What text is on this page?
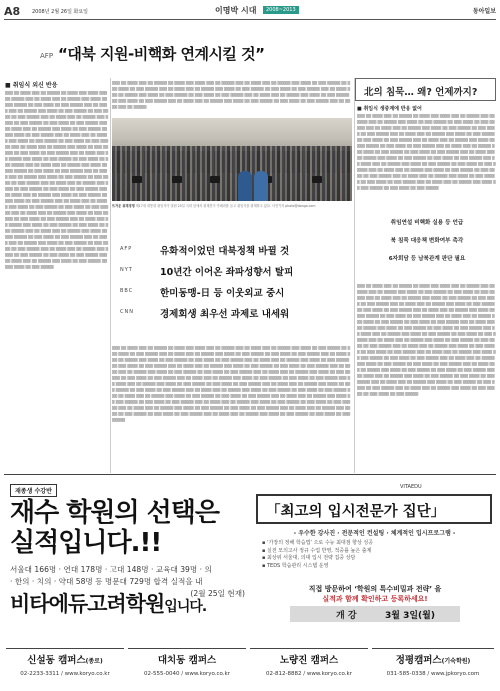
A8 2008년 2월 26일 화요일	이명박 시대	2008~2013	동아일보
AFP “대북 지원-비핵화 연계시킬 것”
■ 취임식 외신 반응
▒▒▒ ▒▒ ▒▒▒▒ ▒▒▒ ▒▒ ▒▒▒▒▒ ▒▒ ▒▒▒▒ ▒▒▒ ▒▒▒▒ ▒▒▒ ▒▒ ▒▒▒▒▒ ▒▒▒ ▒▒ ▒▒▒▒ ▒▒▒ ▒▒ ▒▒▒▒▒ ▒▒▒ ▒▒▒▒ ▒▒ ▒▒▒ ▒▒▒▒▒ ▒▒ ▒▒▒ ▒▒▒▒ ▒▒ ▒▒▒ ▒▒▒▒▒ ▒▒▒ ▒▒ ▒▒▒▒ ▒▒▒ ▒▒ ▒▒▒▒▒ ▒▒▒ ▒▒▒▒ ▒▒ ▒▒▒ ▒▒▒▒▒ ▒▒ ▒▒▒ ▒▒▒▒ ▒▒ ▒▒▒ ▒▒▒▒▒ ▒▒▒ ▒▒ ▒▒▒▒ ▒▒▒ ▒▒ ▒▒▒▒▒ ▒▒▒ ▒▒▒▒ ▒▒ ▒▒▒ ▒▒▒▒▒ ▒▒ ▒▒▒ ▒▒▒▒ ▒▒ ▒▒▒ ▒▒▒▒▒ ▒▒▒ ▒▒ ▒▒▒▒ ▒▒▒ ▒▒ ▒▒▒▒▒ ▒▒▒ ▒▒▒▒ ▒▒ ▒▒▒ ▒▒▒▒▒ ▒▒ ▒▒▒ ▒▒▒▒ ▒▒ ▒▒▒ ▒▒▒▒▒ ▒▒▒ ▒▒ ▒▒▒▒ ▒▒▒ ▒▒ ▒▒▒▒▒ ▒▒▒ ▒▒▒▒ ▒▒ ▒▒▒ ▒▒▒▒▒ ▒▒ ▒▒▒ ▒▒▒▒ ▒▒ ▒▒▒ ▒▒▒▒▒ ▒▒▒ ▒▒ ▒▒▒▒ ▒▒▒ ▒▒ ▒▒▒▒▒ ▒▒▒ ▒▒▒▒ ▒▒ ▒▒▒ ▒▒▒▒▒ ▒▒ ▒▒▒ ▒▒▒▒ ▒▒ ▒▒▒ ▒▒▒▒▒ ▒▒▒ ▒▒ ▒▒▒▒ ▒▒▒ ▒▒ ▒▒▒▒▒ ▒▒▒ ▒▒▒▒ ▒▒ ▒▒▒ ▒▒▒▒▒ ▒▒ ▒▒▒ ▒▒▒▒ ▒▒ ▒▒▒ ▒▒▒▒▒ ▒▒▒ ▒▒ ▒▒▒▒ ▒▒▒ ▒▒ ▒▒▒▒▒ ▒▒▒ ▒▒▒▒ ▒▒ ▒▒▒ ▒▒▒▒▒ ▒▒ ▒▒▒ ▒▒▒▒ ▒▒ ▒▒▒ ▒▒▒▒▒ ▒▒▒ ▒▒ ▒▒▒▒ ▒▒▒ ▒▒ ▒▒▒▒▒ ▒▒▒ ▒▒▒▒ ▒▒ ▒▒▒ ▒▒▒▒▒ ▒▒ ▒▒▒ ▒▒▒▒ ▒▒ ▒▒▒ ▒▒▒▒▒ ▒▒▒ ▒▒ ▒▒▒▒ ▒▒▒ ▒▒ ▒▒▒▒▒ ▒▒▒ ▒▒▒▒ ▒▒ ▒▒▒ ▒▒▒▒▒ ▒▒ ▒▒▒ ▒▒▒▒ ▒▒ ▒▒▒ ▒▒▒▒▒ ▒▒▒ ▒▒ ▒▒▒▒ ▒▒▒ ▒▒ ▒▒▒▒▒ ▒▒▒ ▒▒▒▒ ▒▒ ▒▒▒ ▒▒▒▒▒ ▒▒ ▒▒▒ ▒▒▒▒ ▒▒ ▒▒▒ ▒▒▒▒▒ ▒▒▒ ▒▒ ▒▒▒▒ ▒▒▒ ▒▒ ▒▒▒▒▒ ▒▒▒ ▒▒▒▒ ▒▒ ▒▒▒ ▒▒▒▒▒ ▒▒ ▒▒▒ ▒▒▒▒ ▒▒ ▒▒▒ ▒▒▒▒▒ ▒▒▒ ▒▒ ▒▒▒▒ ▒▒▒ ▒▒ ▒▒▒▒▒ ▒▒▒ ▒▒▒▒ ▒▒ ▒▒▒ ▒▒▒▒▒ ▒▒ ▒▒▒ ▒▒▒▒ ▒▒ ▒▒▒ ▒▒▒▒▒ ▒▒▒ ▒▒ ▒▒▒▒ ▒▒▒ ▒▒ ▒▒▒▒▒ ▒▒▒ ▒▒▒▒ ▒▒ ▒▒▒ ▒▒▒▒▒ ▒▒ ▒▒▒ ▒▒▒▒ ▒▒ ▒▒▒ ▒▒▒▒▒ ▒▒▒ ▒▒ ▒▒▒▒ ▒▒▒ ▒▒ ▒▒▒▒▒ ▒▒▒ ▒▒▒▒ ▒▒ ▒▒▒ ▒▒▒▒▒ ▒▒ ▒▒▒ ▒▒▒▒ ▒▒ ▒▒▒ ▒▒▒▒▒ ▒▒▒ ▒▒ ▒▒▒▒ ▒▒▒ ▒▒ ▒▒▒▒▒ ▒▒▒ ▒▒▒▒ ▒▒ ▒▒▒ ▒▒▒▒▒ ▒▒ ▒▒▒ ▒▒▒▒ ▒▒ ▒▒▒ ▒▒▒▒▒ ▒▒▒ ▒▒ ▒▒▒▒ ▒▒▒ ▒▒ ▒▒▒▒▒ ▒▒▒ ▒▒▒▒ ▒▒ ▒▒▒ ▒▒▒▒▒ ▒▒ ▒▒▒ ▒▒▒▒ ▒▒ ▒▒▒ ▒▒▒▒▒ ▒▒▒ ▒▒ ▒▒▒▒ ▒▒▒ ▒▒ ▒▒▒▒▒ ▒▒▒ ▒▒▒▒ ▒▒ ▒▒▒ ▒▒▒▒▒ ▒▒ ▒▒▒ ▒▒▒▒ ▒▒ ▒▒▒ ▒▒▒▒▒
▒▒▒ ▒▒ ▒▒▒▒ ▒▒▒ ▒▒ ▒▒▒▒▒ ▒▒ ▒▒▒▒ ▒▒▒ ▒▒▒▒ ▒▒▒ ▒▒ ▒▒▒▒▒ ▒▒▒ ▒▒ ▒▒▒▒ ▒▒▒ ▒▒ ▒▒▒▒▒ ▒▒▒ ▒▒▒▒ ▒▒ ▒▒▒ ▒▒▒▒▒ ▒▒ ▒▒▒ ▒▒▒▒ ▒▒ ▒▒▒ ▒▒▒▒▒ ▒▒▒ ▒▒ ▒▒▒▒ ▒▒▒ ▒▒ ▒▒▒▒▒ ▒▒▒ ▒▒▒▒ ▒▒ ▒▒▒ ▒▒▒▒▒ ▒▒ ▒▒▒ ▒▒▒▒ ▒▒ ▒▒▒ ▒▒▒▒▒ ▒▒▒ ▒▒ ▒▒▒▒ ▒▒▒ ▒▒ ▒▒▒▒▒ ▒▒▒ ▒▒▒▒ ▒▒ ▒▒▒ ▒▒▒▒▒ ▒▒ ▒▒▒ ▒▒▒▒ ▒▒ ▒▒▒ ▒▒▒▒▒ ▒▒▒ ▒▒ ▒▒▒▒ ▒▒▒ ▒▒ ▒▒▒▒▒ ▒▒▒ ▒▒▒▒ ▒▒ ▒▒▒ ▒▒▒▒▒ ▒▒ ▒▒▒ ▒▒▒▒ ▒▒ ▒▒▒ ▒▒▒▒▒ ▒▒▒ ▒▒ ▒▒▒▒ ▒▒▒ ▒▒ ▒▒▒▒▒ ▒▒▒ ▒▒▒▒ ▒▒ ▒▒▒ ▒▒▒▒▒ ▒▒ ▒▒▒ ▒▒▒▒ ▒▒ ▒▒▒ ▒▒▒▒▒ ▒▒▒ ▒▒ ▒▒▒▒ ▒▒▒ ▒▒ ▒▒▒▒▒
뜨거운 취재경쟁 제17대 대통령 취임식이 열린 25일 국회 앞에서 취재진이 카메라를 들고 취임식을 취재하고 있다. 사진기자 photo@donga.com
AFP	유화적이었던 대북정책 바뀔 것
NYT	10년간 이어온 좌파성향서 탈피
BBC	한미동맹-日 등 이웃외교 중시
CNN	경제회생 최우선 과제로 내세워
▒▒▒ ▒▒ ▒▒▒▒ ▒▒▒ ▒▒ ▒▒▒▒▒ ▒▒ ▒▒▒▒ ▒▒▒ ▒▒▒▒ ▒▒▒ ▒▒ ▒▒▒▒▒ ▒▒▒ ▒▒ ▒▒▒▒ ▒▒▒ ▒▒ ▒▒▒▒▒ ▒▒▒ ▒▒▒▒ ▒▒ ▒▒▒ ▒▒▒▒▒ ▒▒ ▒▒▒ ▒▒▒▒ ▒▒ ▒▒▒ ▒▒▒▒▒ ▒▒▒ ▒▒ ▒▒▒▒ ▒▒▒ ▒▒ ▒▒▒▒▒ ▒▒▒ ▒▒▒▒ ▒▒ ▒▒▒ ▒▒▒▒▒ ▒▒ ▒▒▒ ▒▒▒▒ ▒▒ ▒▒▒ ▒▒▒▒▒ ▒▒▒ ▒▒ ▒▒▒▒ ▒▒▒ ▒▒ ▒▒▒▒▒ ▒▒▒ ▒▒▒▒ ▒▒ ▒▒▒ ▒▒▒▒▒ ▒▒ ▒▒▒ ▒▒▒▒ ▒▒ ▒▒▒ ▒▒▒▒▒ ▒▒▒ ▒▒ ▒▒▒▒ ▒▒▒ ▒▒ ▒▒▒▒▒ ▒▒▒ ▒▒▒▒ ▒▒ ▒▒▒ ▒▒▒▒▒ ▒▒ ▒▒▒ ▒▒▒▒ ▒▒ ▒▒▒ ▒▒▒▒▒ ▒▒▒ ▒▒ ▒▒▒▒ ▒▒▒ ▒▒ ▒▒▒▒▒ ▒▒▒ ▒▒▒▒ ▒▒ ▒▒▒ ▒▒▒▒▒ ▒▒ ▒▒▒ ▒▒▒▒ ▒▒ ▒▒▒ ▒▒▒▒▒ ▒▒▒ ▒▒ ▒▒▒▒ ▒▒▒ ▒▒ ▒▒▒▒▒ ▒▒▒ ▒▒▒▒ ▒▒ ▒▒▒ ▒▒▒▒▒ ▒▒ ▒▒▒ ▒▒▒▒ ▒▒ ▒▒▒ ▒▒▒▒▒ ▒▒▒ ▒▒ ▒▒▒▒ ▒▒▒ ▒▒ ▒▒▒▒▒ ▒▒▒ ▒▒▒▒ ▒▒ ▒▒▒ ▒▒▒▒▒ ▒▒ ▒▒▒ ▒▒▒▒ ▒▒ ▒▒▒ ▒▒▒▒▒ ▒▒▒ ▒▒ ▒▒▒▒ ▒▒▒ ▒▒ ▒▒▒▒▒ ▒▒▒ ▒▒▒▒ ▒▒ ▒▒▒ ▒▒▒▒▒ ▒▒ ▒▒▒ ▒▒▒▒ ▒▒ ▒▒▒ ▒▒▒▒▒ ▒▒▒ ▒▒ ▒▒▒▒ ▒▒▒ ▒▒ ▒▒▒▒▒ ▒▒▒ ▒▒▒▒ ▒▒ ▒▒▒ ▒▒▒▒▒ ▒▒ ▒▒▒ ▒▒▒▒ ▒▒ ▒▒▒ ▒▒▒▒▒ ▒▒▒ ▒▒ ▒▒▒▒ ▒▒▒ ▒▒ ▒▒▒▒▒ ▒▒▒ ▒▒▒▒ ▒▒ ▒▒▒ ▒▒▒▒▒ ▒▒ ▒▒▒ ▒▒▒▒ ▒▒ ▒▒▒ ▒▒▒▒▒ ▒▒▒ ▒▒ ▒▒▒▒ ▒▒▒ ▒▒ ▒▒▒▒▒ ▒▒▒ ▒▒▒▒ ▒▒ ▒▒▒ ▒▒▒▒▒ ▒▒ ▒▒▒ ▒▒▒▒ ▒▒ ▒▒▒ ▒▒▒▒▒ ▒▒▒ ▒▒ ▒▒▒▒ ▒▒▒ ▒▒ ▒▒▒▒▒ ▒▒▒ ▒▒▒▒ ▒▒ ▒▒▒ ▒▒▒▒▒ ▒▒ ▒▒▒ ▒▒▒▒ ▒▒ ▒▒▒ ▒▒▒▒▒ ▒▒▒ ▒▒ ▒▒▒▒ ▒▒▒ ▒▒ ▒▒▒▒▒ ▒▒▒ ▒▒▒▒ ▒▒ ▒▒▒ ▒▒▒▒▒ ▒▒ ▒▒▒ ▒▒▒▒ ▒▒ ▒▒▒ ▒▒▒▒▒ ▒▒▒ ▒▒ ▒▒▒▒ ▒▒▒ ▒▒ ▒▒▒▒▒ ▒▒▒ ▒▒▒▒ ▒▒ ▒▒▒ ▒▒▒▒▒ ▒▒ ▒▒▒ ▒▒▒▒ ▒▒ ▒▒▒ ▒▒▒▒▒ ▒▒▒ ▒▒ ▒▒▒▒ ▒▒▒ ▒▒ ▒▒▒▒▒ ▒▒▒ ▒▒▒▒ ▒▒ ▒▒▒ ▒▒▒▒▒ ▒▒ ▒▒▒ ▒▒▒▒ ▒▒ ▒▒▒ ▒▒▒▒▒ ▒▒▒ ▒▒ ▒▒▒▒ ▒▒▒ ▒▒ ▒▒▒▒▒ ▒▒▒ ▒▒▒▒ ▒▒ ▒▒▒ ▒▒▒▒▒ ▒▒ ▒▒▒ ▒▒▒▒ ▒▒ ▒▒▒ ▒▒▒▒▒ ▒▒▒ ▒▒ ▒▒▒▒ ▒▒▒ ▒▒ ▒▒▒▒▒ ▒▒▒ ▒▒▒▒ ▒▒ ▒▒▒ ▒▒▒▒▒ ▒▒ ▒▒▒ ▒▒▒▒ ▒▒ ▒▒▒ ▒▒▒▒▒
北의 침묵… 왜? 언제까지?
■ 취임식 생중계에 반응 없어
▒▒▒ ▒▒ ▒▒▒▒ ▒▒▒ ▒▒ ▒▒▒▒▒ ▒▒ ▒▒▒▒ ▒▒▒ ▒▒▒▒ ▒▒▒ ▒▒ ▒▒▒▒▒ ▒▒▒ ▒▒ ▒▒▒▒ ▒▒▒ ▒▒ ▒▒▒▒▒ ▒▒▒ ▒▒▒▒ ▒▒ ▒▒▒ ▒▒▒▒▒ ▒▒ ▒▒▒ ▒▒▒▒ ▒▒ ▒▒▒ ▒▒▒▒▒ ▒▒▒ ▒▒ ▒▒▒▒ ▒▒▒ ▒▒ ▒▒▒▒▒ ▒▒▒ ▒▒▒▒ ▒▒ ▒▒▒ ▒▒▒▒▒ ▒▒ ▒▒▒ ▒▒▒▒ ▒▒ ▒▒▒ ▒▒▒▒▒ ▒▒▒ ▒▒ ▒▒▒▒ ▒▒▒ ▒▒ ▒▒▒▒▒ ▒▒▒ ▒▒▒▒ ▒▒ ▒▒▒ ▒▒▒▒▒ ▒▒ ▒▒▒ ▒▒▒▒ ▒▒ ▒▒▒ ▒▒▒▒▒ ▒▒▒ ▒▒ ▒▒▒▒ ▒▒▒ ▒▒ ▒▒▒▒▒ ▒▒▒ ▒▒▒▒ ▒▒ ▒▒▒ ▒▒▒▒▒ ▒▒ ▒▒▒ ▒▒▒▒ ▒▒ ▒▒▒ ▒▒▒▒▒ ▒▒▒ ▒▒ ▒▒▒▒ ▒▒▒ ▒▒ ▒▒▒▒▒ ▒▒▒ ▒▒▒▒ ▒▒ ▒▒▒ ▒▒▒▒▒ ▒▒ ▒▒▒ ▒▒▒▒ ▒▒ ▒▒▒ ▒▒▒▒▒ ▒▒▒ ▒▒ ▒▒▒▒ ▒▒▒ ▒▒ ▒▒▒▒▒ ▒▒▒ ▒▒▒▒ ▒▒ ▒▒▒ ▒▒▒▒▒ ▒▒ ▒▒▒ ▒▒▒▒ ▒▒ ▒▒▒ ▒▒▒▒▒ ▒▒▒ ▒▒ ▒▒▒▒ ▒▒▒ ▒▒ ▒▒▒▒▒ ▒▒▒ ▒▒▒▒ ▒▒ ▒▒▒ ▒▒▒▒▒ ▒▒ ▒▒▒ ▒▒▒▒ ▒▒ ▒▒▒ ▒▒▒▒▒ ▒▒▒ ▒▒ ▒▒▒▒ ▒▒▒ ▒▒ ▒▒▒▒▒ ▒▒▒ ▒▒▒▒ ▒▒ ▒▒▒ ▒▒▒▒▒ ▒▒ ▒▒▒ ▒▒▒▒ ▒▒ ▒▒▒ ▒▒▒▒▒ ▒▒▒ ▒▒ ▒▒▒▒ ▒▒▒ ▒▒ ▒▒▒▒▒ ▒▒▒ ▒▒▒▒ ▒▒ ▒▒▒ ▒▒▒▒▒ ▒▒ ▒▒▒ ▒▒▒▒ ▒▒ ▒▒▒ ▒▒▒▒▒ ▒▒▒ ▒▒ ▒▒▒▒ ▒▒▒ ▒▒ ▒▒▒▒▒ ▒▒▒ ▒▒▒▒ ▒▒ ▒▒▒ ▒▒▒▒▒ ▒▒ ▒▒▒ ▒▒▒▒ ▒▒ ▒▒▒ ▒▒▒▒▒
취임연설 비핵화 실용 등 언급
북 침묵 대응책 변화여부 촉각
6자회담 등 남북관계 판단 필요
▒▒▒ ▒▒ ▒▒▒▒ ▒▒▒ ▒▒ ▒▒▒▒▒ ▒▒ ▒▒▒▒ ▒▒▒ ▒▒▒▒ ▒▒▒ ▒▒ ▒▒▒▒▒ ▒▒▒ ▒▒ ▒▒▒▒ ▒▒▒ ▒▒ ▒▒▒▒▒ ▒▒▒ ▒▒▒▒ ▒▒ ▒▒▒ ▒▒▒▒▒ ▒▒ ▒▒▒ ▒▒▒▒ ▒▒ ▒▒▒ ▒▒▒▒▒ ▒▒▒ ▒▒ ▒▒▒▒ ▒▒▒ ▒▒ ▒▒▒▒▒ ▒▒▒ ▒▒▒▒ ▒▒ ▒▒▒ ▒▒▒▒▒ ▒▒ ▒▒▒ ▒▒▒▒ ▒▒ ▒▒▒ ▒▒▒▒▒ ▒▒▒ ▒▒ ▒▒▒▒ ▒▒▒ ▒▒ ▒▒▒▒▒ ▒▒▒ ▒▒▒▒ ▒▒ ▒▒▒ ▒▒▒▒▒ ▒▒ ▒▒▒ ▒▒▒▒ ▒▒ ▒▒▒ ▒▒▒▒▒ ▒▒▒ ▒▒ ▒▒▒▒ ▒▒▒ ▒▒ ▒▒▒▒▒ ▒▒▒ ▒▒▒▒ ▒▒ ▒▒▒ ▒▒▒▒▒ ▒▒ ▒▒▒ ▒▒▒▒ ▒▒ ▒▒▒ ▒▒▒▒▒ ▒▒▒ ▒▒ ▒▒▒▒ ▒▒▒ ▒▒ ▒▒▒▒▒ ▒▒▒ ▒▒▒▒ ▒▒ ▒▒▒ ▒▒▒▒▒ ▒▒ ▒▒▒ ▒▒▒▒ ▒▒ ▒▒▒ ▒▒▒▒▒ ▒▒▒ ▒▒ ▒▒▒▒ ▒▒▒ ▒▒ ▒▒▒▒▒ ▒▒▒ ▒▒▒▒ ▒▒ ▒▒▒ ▒▒▒▒▒ ▒▒ ▒▒▒ ▒▒▒▒ ▒▒ ▒▒▒ ▒▒▒▒▒ ▒▒▒ ▒▒ ▒▒▒▒ ▒▒▒ ▒▒ ▒▒▒▒▒ ▒▒▒ ▒▒▒▒ ▒▒ ▒▒▒ ▒▒▒▒▒ ▒▒ ▒▒▒ ▒▒▒▒ ▒▒ ▒▒▒ ▒▒▒▒▒ ▒▒▒ ▒▒ ▒▒▒▒ ▒▒▒ ▒▒ ▒▒▒▒▒ ▒▒▒ ▒▒▒▒ ▒▒ ▒▒▒ ▒▒▒▒▒ ▒▒ ▒▒▒ ▒▒▒▒ ▒▒ ▒▒▒ ▒▒▒▒▒ ▒▒▒ ▒▒ ▒▒▒▒ ▒▒▒ ▒▒ ▒▒▒▒▒ ▒▒▒ ▒▒▒▒ ▒▒ ▒▒▒ ▒▒▒▒▒ ▒▒ ▒▒▒ ▒▒▒▒ ▒▒ ▒▒▒ ▒▒▒▒▒ ▒▒▒ ▒▒ ▒▒▒▒ ▒▒▒ ▒▒ ▒▒▒▒▒ ▒▒▒ ▒▒▒▒ ▒▒ ▒▒▒ ▒▒▒▒▒ ▒▒ ▒▒▒ ▒▒▒▒ ▒▒ ▒▒▒ ▒▒▒▒▒ ▒▒▒ ▒▒ ▒▒▒▒ ▒▒▒ ▒▒ ▒▒▒▒▒ ▒▒▒ ▒▒▒▒ ▒▒ ▒▒▒ ▒▒▒▒▒ ▒▒ ▒▒▒ ▒▒▒▒ ▒▒ ▒▒▒ ▒▒▒▒▒ ▒▒▒ ▒▒ ▒▒▒▒ ▒▒▒ ▒▒ ▒▒▒▒▒ ▒▒▒ ▒▒▒▒ ▒▒ ▒▒▒ ▒▒▒▒▒ ▒▒ ▒▒▒ ▒▒▒▒ ▒▒ ▒▒▒ ▒▒▒▒▒ ▒▒▒ ▒▒ ▒▒▒▒ ▒▒▒ ▒▒ ▒▒▒▒▒ ▒▒▒ ▒▒▒▒ ▒▒ ▒▒▒ ▒▒▒▒▒ ▒▒ ▒▒▒ ▒▒▒▒ ▒▒ ▒▒▒ ▒▒▒▒▒ ▒▒▒ ▒▒ ▒▒▒▒ ▒▒▒ ▒▒ ▒▒▒▒▒ ▒▒▒ ▒▒▒▒ ▒▒ ▒▒▒ ▒▒▒▒▒ ▒▒ ▒▒▒ ▒▒▒▒ ▒▒ ▒▒▒ ▒▒▒▒▒ ▒▒▒ ▒▒ ▒▒▒▒ ▒▒▒ ▒▒ ▒▒▒▒▒ ▒▒▒ ▒▒▒▒ ▒▒ ▒▒▒ ▒▒▒▒▒ ▒▒ ▒▒▒ ▒▒▒▒ ▒▒ ▒▒▒ ▒▒▒▒▒
재종생 수강반
재수 학원의 선택은
실적입니다.!!
서울대 166명 · 연대 178명 · 고대 148명 · 교육대 39명 · 의
· 한의 · 치의 · 약대 58명 등 명문대 729명 합격 실적을 내
(2월 25일 현재)
비타에듀고려학원입니다.
VITAEDU
「최고의 입시전문가 집단」
- 우수한 강사진 · 전문적인 컨설팅 · 체계적인 입시프로그램 -
▪ ‘가장의 정해 학습법’ 으로 수능 최대점 향상 성공
▪ 실전 모의고사 정규 수업 반영, 적중률 높은 출제
▪ 최상위 서울대, 의대 입시 전략 집중 상담
▪ TEDS 학습관리 시스템 운영
직접 방문하여 ‘학원의 특수비밀과 전략’ 을
실적과 함께 확인하고 등록하세요!
개 강	3월 3일(월)
신설동 캠퍼스(종로)
02-2233-3311 / www.koryo.co.kr
대치동 캠퍼스
02-555-0040 / www.koryo.co.kr
노량진 캠퍼스
02-812-8882 / www.koryo.co.kr
정평캠퍼스(기숙학원)
031-585-0338 / www.jpkoryo.com
